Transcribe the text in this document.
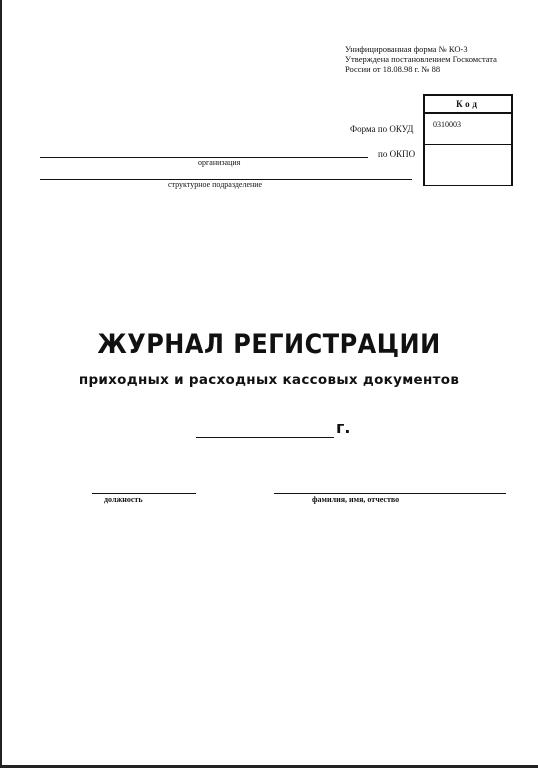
Унифицированная форма № КО-3
Утверждена постановлением Госкомстата
России от 18.08.98 г. № 88
Код
0310003
Форма по ОКУД
по ОКПО
организация
структурное подразделение
ЖУРНАЛ РЕГИСТРАЦИИ
приходных и расходных кассовых документов
г.
должность	фамилия, имя, отчество
